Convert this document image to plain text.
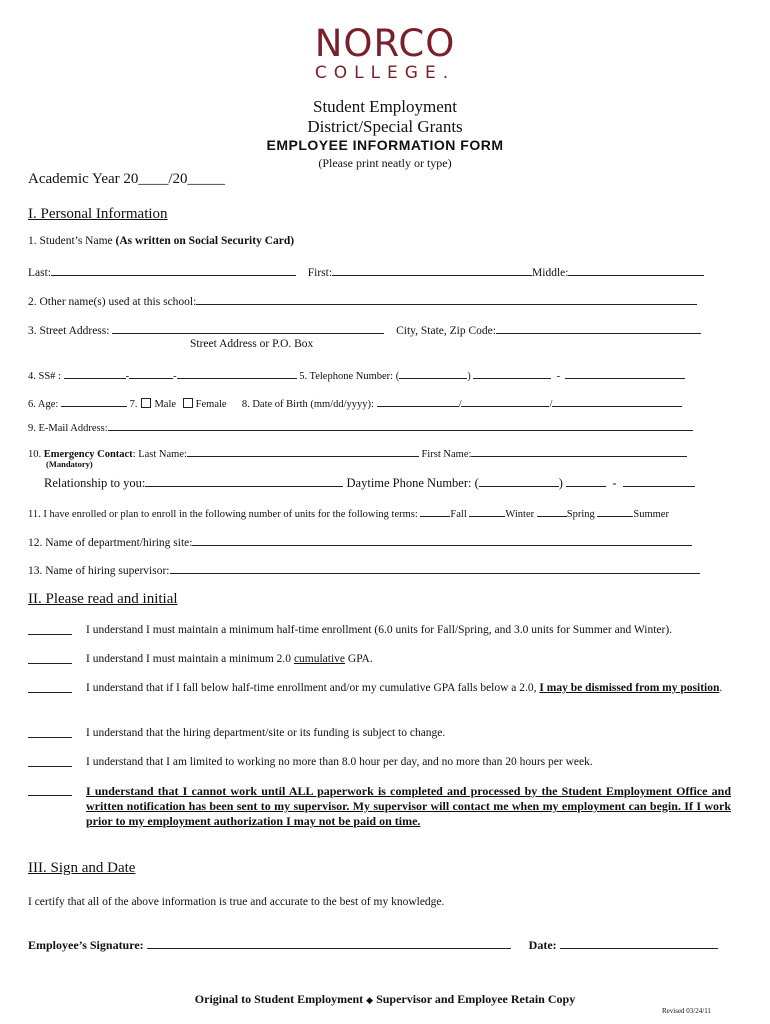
NORCO
COLLEGE.
Student Employment
District/Special Grants
EMPLOYEE INFORMATION FORM
(Please print neatly or type)
Academic Year 20____/20_____
I. Personal Information
1. Student’s Name (As written on Social Security Card)
Last:	First:	Middle:
2. Other name(s) used at this school:
3. Street Address:	City, State, Zip Code:
Street Address or P.O. Box
4. SS# :	-	-	5. Telephone Number: (	)	-
6. Age:	7. Male Female 8. Date of Birth (mm/dd/yyyy):	/	/
9. E-Mail Address:
10. Emergency Contact: Last Name:	First Name:
(Mandatory)
Relationship to you:	Daytime Phone Number: (	)	-
11. I have enrolled or plan to enroll in the following number of units for the following terms:	Fall	Winter	Spring	Summer
12. Name of department/hiring site:
13. Name of hiring supervisor:
II. Please read and initial
I understand I must maintain a minimum half-time enrollment (6.0 units for Fall/Spring, and 3.0 units for Summer and Winter).
I understand I must maintain a minimum 2.0 cumulative GPA.
I understand that if I fall below half-time enrollment and/or my cumulative GPA falls below a 2.0, I may be dismissed from my position.
I understand that the hiring department/site or its funding is subject to change.
I understand that I am limited to working no more than 8.0 hour per day, and no more than 20 hours per week.
I understand that I cannot work until ALL paperwork is completed and processed by the Student Employment Office and written notification has been sent to my supervisor. My supervisor will contact me when my employment can begin. If I work prior to my employment authorization I may not be paid on time.
III. Sign and Date
I certify that all of the above information is true and accurate to the best of my knowledge.
Employee’s Signature:	Date:
Original to Student Employment ◆ Supervisor and Employee Retain Copy
Revised 03/24/11
